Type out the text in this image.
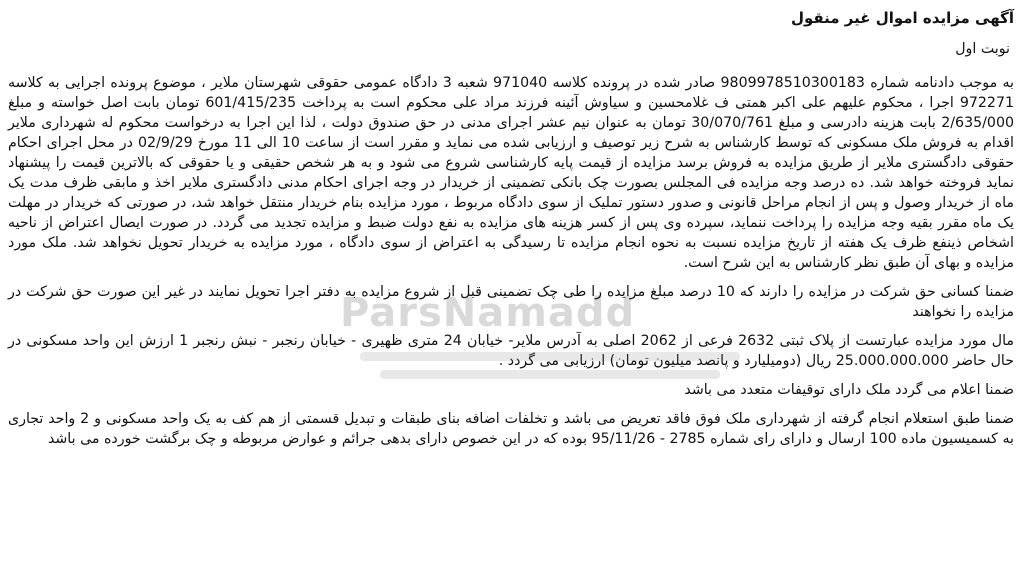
آگهی مزایده اموال غیر منقول
نوبت اول

به موجب دادنامه شماره 9809978510300183 صادر شده در پرونده کلاسه 971040 شعبه 3 دادگاه عمومی حقوقی شهرستان ملایر ، موضوع پرونده اجرایی به کلاسه 972271 اجرا ، محکوم علیهم علی اکبر همتی ف غلامحسین و سیاوش آئینه فرزند مراد علی محکوم است به پرداخت 601/415/235 تومان بابت اصل خواسته و مبلغ 2/635/000 بابت هزینه دادرسی و مبلغ 30/070/761 تومان به عنوان نیم عشر اجرای مدنی در حق صندوق دولت ، لذا این اجرا به درخواست محکوم له شهرداری ملایر اقدام به فروش ملک مسکونی که توسط کارشناس به شرح زیر توصیف و ارزیابی شده می نماید و مقرر است از ساعت 10 الی 11 مورخ 02/9/29 در محل اجرای احکام حقوقی دادگستری ملایر از طریق مزایده به فروش برسد مزایده از قیمت پایه کارشناسی شروع می شود و به هر شخص حقیقی و یا حقوقی که بالاترین قیمت را پیشنهاد نماید فروخته خواهد شد. ده درصد وجه مزایده فی المجلس بصورت چک بانکی تضمینی از خریدار در وجه اجرای احکام مدنی دادگستری ملایر اخذ و مابقی ظرف مدت یک ماه از خریدار وصول و پس از انجام مراحل قانونی و صدور دستور تملیک از سوی دادگاه مربوط ، مورد مزایده بنام خریدار منتقل خواهد شد، در صورتی که خریدار در مهلت یک ماه مقرر بقیه وجه مزایده را پرداخت ننماید، سپرده وی پس از کسر هزینه های مزایده به نفع دولت ضبط و مزایده تجدید می گردد. در صورت ایصال اعتراض از ناحیه اشخاص ذینفع ظرف یک هفته از تاریخ مزایده نسبت به نحوه انجام مزایده تا رسیدگی به اعتراض از سوی دادگاه ، مورد مزایده به خریدار تحویل نخواهد شد. ملک مورد مزایده و بهای آن طبق نظر کارشناس به این شرح است.

ضمنا کسانی حق شرکت در مزایده را دارند که 10 درصد مبلغ مزایده را طی چک تضمینی قبل از شروع مزایده به دفتر اجرا تحویل نمایند در غیر این صورت حق شرکت در مزایده را نخواهند

مال مورد مزایده عبارتست از پلاک ثبتی 2632 فرعی از 2062 اصلی به آدرس ملایر- خیابان 24 متری ظهیری - خیابان رنجبر - نبش رنجبر 1 ارزش این واحد مسکونی در حال حاضر 25.000.000.000 ریال (دومیلیارد و پانصد میلیون تومان) ارزیابی می گردد .

ضمنا اعلام می گردد ملک دارای توقیفات متعدد می باشد

ضمنا طبق استعلام انجام گرفته از شهرداری ملک فوق فاقد تعریض می باشد و تخلفات اضافه بنای طبقات و تبدیل قسمتی از هم کف به یک واحد مسکونی و 2 واحد تجاری به کسمیسیون ماده 100 ارسال و دارای رای شماره 2785 - 95/11/26 بوده که در این خصوص دارای بدهی جرائم و عوارض مربوطه و چک برگشت خورده می باشد

ParsNamadd
